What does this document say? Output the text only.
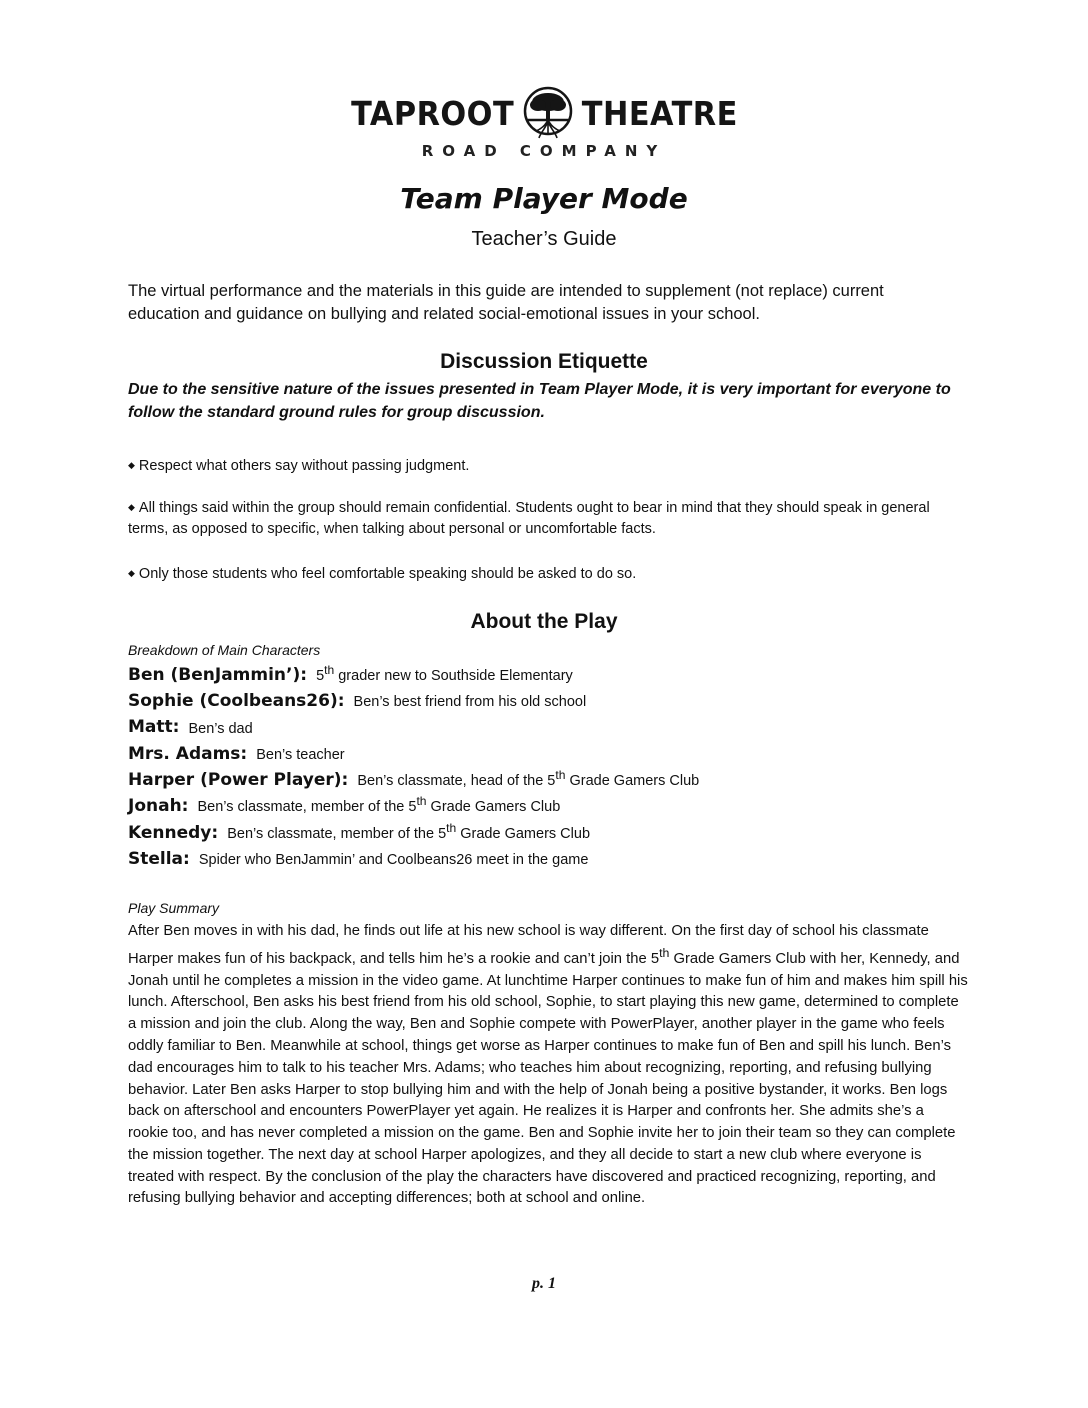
TAPROOT THEATRE
ROAD COMPANY
Team Player Mode
Teacher’s Guide

The virtual performance and the materials in this guide are intended to supplement (not replace) current education and guidance on bullying and related social-emotional issues in your school.

Discussion Etiquette

Due to the sensitive nature of the issues presented in Team Player Mode, it is very important for everyone to follow the standard ground rules for group discussion.

◆ Respect what others say without passing judgment.

◆ All things said within the group should remain confidential. Students ought to bear in mind that they should speak in general terms, as opposed to specific, when talking about personal or uncomfortable facts.

◆ Only those students who feel comfortable speaking should be asked to do so.

About the Play
Breakdown of Main Characters
Ben (BenJammin’): 5th grader new to Southside Elementary
Sophie (Coolbeans26): Ben’s best friend from his old school
Matt: Ben’s dad
Mrs. Adams: Ben’s teacher
Harper (Power Player): Ben’s classmate, head of the 5th Grade Gamers Club
Jonah: Ben’s classmate, member of the 5th Grade Gamers Club
Kennedy: Ben’s classmate, member of the 5th Grade Gamers Club
Stella: Spider who BenJammin’ and Coolbeans26 meet in the game
Play Summary

After Ben moves in with his dad, he finds out life at his new school is way different. On the first day of school his classmate Harper makes fun of his backpack, and tells him he’s a rookie and can’t join the 5th Grade Gamers Club with her, Kennedy, and Jonah until he completes a mission in the video game. At lunchtime Harper continues to make fun of him and makes him spill his lunch. Afterschool, Ben asks his best friend from his old school, Sophie, to start playing this new game, determined to complete a mission and join the club. Along the way, Ben and Sophie compete with PowerPlayer, another player in the game who feels oddly familiar to Ben. Meanwhile at school, things get worse as Harper continues to make fun of Ben and spill his lunch. Ben’s dad encourages him to talk to his teacher Mrs. Adams; who teaches him about recognizing, reporting, and refusing bullying behavior. Later Ben asks Harper to stop bullying him and with the help of Jonah being a positive bystander, it works. Ben logs back on afterschool and encounters PowerPlayer yet again. He realizes it is Harper and confronts her. She admits she’s a rookie too, and has never completed a mission on the game. Ben and Sophie invite her to join their team so they can complete the mission together. The next day at school Harper apologizes, and they all decide to start a new club where everyone is treated with respect. By the conclusion of the play the characters have discovered and practiced recognizing, reporting, and refusing bullying behavior and accepting differences; both at school and online.

p. 1
